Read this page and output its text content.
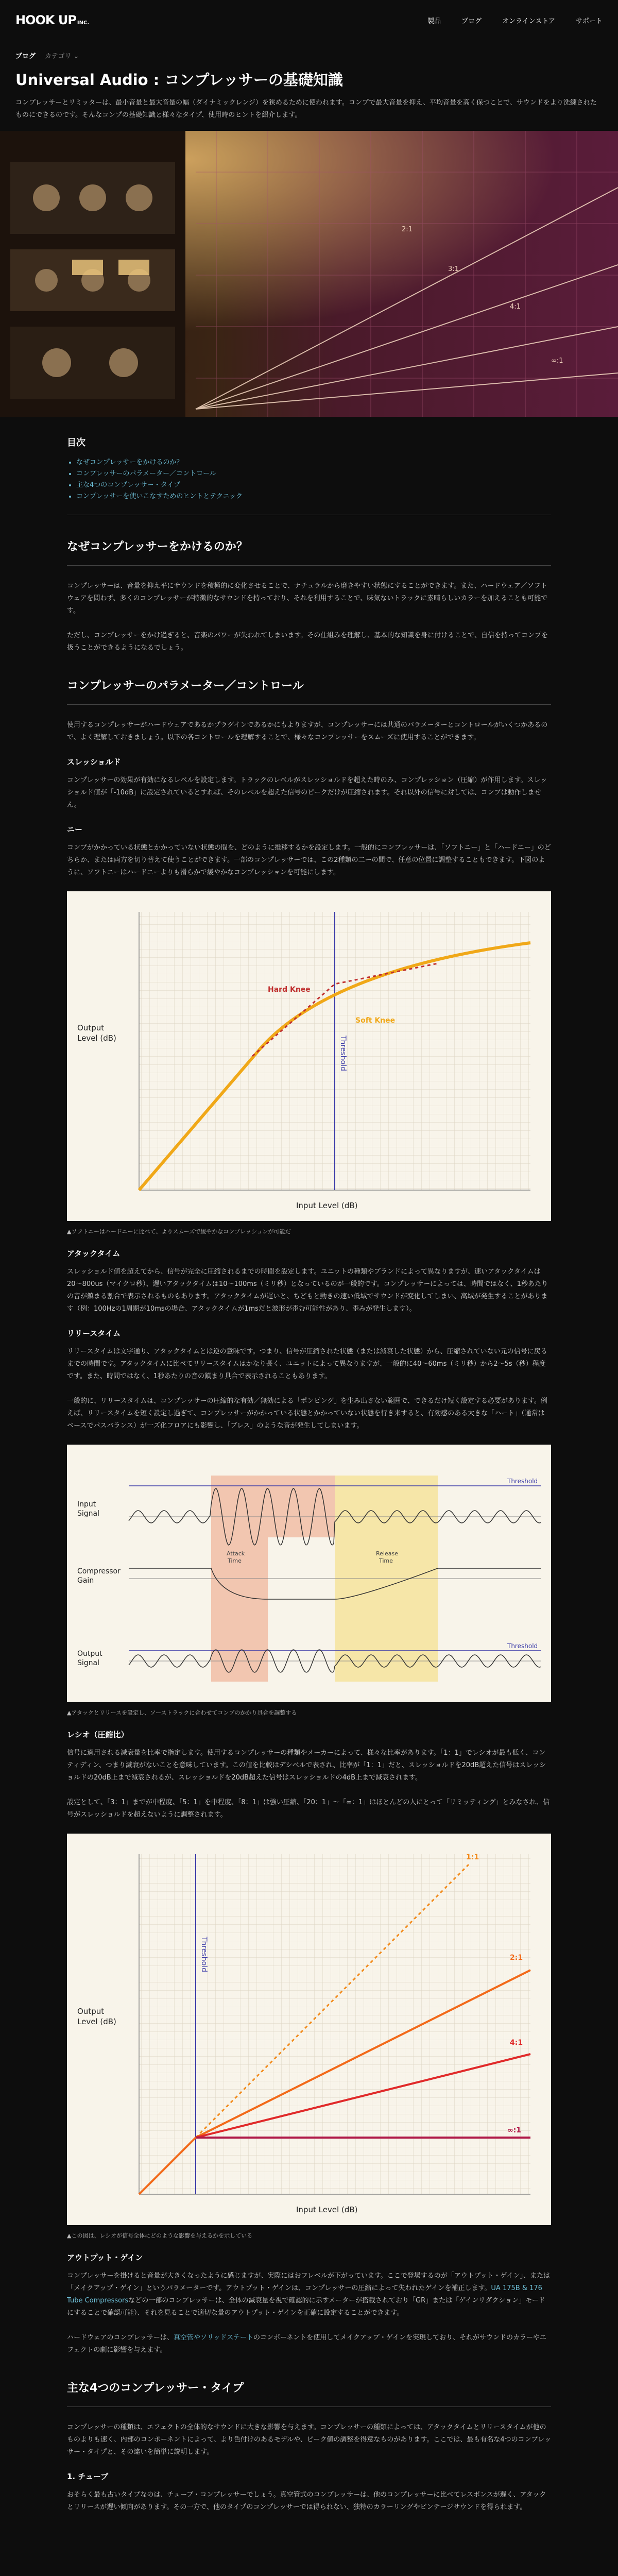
HOOK UP INC.	製品	ブログ	オンラインストア	サポート
ブログ カテゴリ ⌄
Universal Audio : コンプレッサーの基礎知識
コンプレッサーとリミッターは、最小音量と最大音量の幅（ダイナミックレンジ）を狭めるために使われます。コンプで最大音量を抑え、平均音量を高く保つことで、サウンドをより洗練されたものにできるのです。そんなコンプの基礎知識と様々なタイプ、使用時のヒントを紹介します。
2:1
3:1
4:1
∞:1
目次
• なぜコンプレッサーをかけるのか？
• コンプレッサーのパラメーター／コントロール
• 主な4つのコンプレッサー・タイプ
• コンプレッサーを使いこなすためのヒントとテクニック
なぜコンプレッサーをかけるのか？

コンプレッサーは、音量を抑え平にサウンドを積極的に変化させることで、ナチュラルから磨きやすい状態にすることができます。また、ハードウェア／ソフトウェアを問わず、多くのコンプレッサーが特徴的なサウンドを持っており、それを利用することで、味気ないトラックに素晴らしいカラーを加えることも可能です。

ただし、コンプレッサーをかけ過ぎると、音楽のパワーが失われてしまいます。その仕組みを理解し、基本的な知識を身に付けることで、自信を持ってコンプを扱うことができるようになるでしょう。

コンプレッサーのパラメーター／コントロール

使用するコンプレッサーがハードウェアであるかプラグインであるかにもよりますが、コンプレッサーには共通のパラメーターとコントロールがいくつかあるので、よく理解しておきましょう。以下の各コントロールを理解することで、様々なコンプレッサーをスムーズに使用することができます。

スレッショルド

コンプレッサーの効果が有効になるレベルを設定します。トラックのレベルがスレッショルドを超えた時のみ、コンプレッション（圧縮）が作用します。スレッショルド値が「-10dB」に設定されているとすれば、そのレベルを超えた信号のピークだけが圧縮されます。それ以外の信号に対しては、コンプは動作しません。

ニー

コンプがかかっている状態とかかっていない状態の間を、どのように推移するかを設定します。一般的にコンプレッサーは、「ソフトニー」と「ハードニー」のどちらか、または両方を切り替えて使うことができます。一部のコンプレッサーでは、この2種類の二ーの間で、任意の位置に調整することもできます。下図のように、ソフトニーはハードニーよりも滑らかで緩やかなコンプレッションを可能にします。

Threshold
Hard Knee
Soft Knee
Output Level (dB)
Input Level (dB)
▲ソフトニーはハードニーに比べて、よりスムーズで緩やかなコンプレッションが可能だ
アタックタイム

スレッショルド値を超えてから、信号が完全に圧縮されるまでの時間を設定します。ユニットの種類やブランドによって異なりますが、速いアタックタイムは20〜800us（マイクロ秒）、遅いアタックタイムは10〜100ms（ミリ秒）となっているのが一般的です。コンプレッサーによっては、時間ではなく、1秒あたりの音が鎮まる割合で表示されるものもあります。アタックタイムが遅いと、ちどもと動きの速い低域でサウンドが変化してしまい、高域が発生することがあります（例：100Hzの1周期が10msの場合、アタックタイムが1msだと波形が歪む可能性があり、歪みが発生します）。

リリースタイム

リリースタイムは文字通り、アタックタイムとは逆の意味です。つまり、信号が圧縮された状態（または減衰した状態）から、圧縮されていない元の信号に戻るまでの時間です。アタックタイムに比べてリリースタイムはかなり長く、ユニットによって異なりますが、一般的に40〜60ms（ミリ秒）から2〜5s（秒）程度です。また、時間ではなく、1秒あたりの音の鎮まり具合で表示されることもあります。

一般的に、リリースタイムは、コンプレッサーの圧縮的な有効／無効による「ポンピング」を生み出さない範囲で、できるだけ短く設定する必要があります。例えば、リリースタイムを短く設定し過ぎて、コンプレッサーがかかっている状態とかかっていない状態を行き来すると、有効感のある大きな「ハート」（通常はベースでパスバランス）が一ズ化フロアにも影響し、「ブレス」のような音が発生してしまいます。

Threshold
Threshold
Attack Time
Release Time
Input Signal
Compressor Gain
Output Signal
▲アタックとリリースを設定し、ソーストラックに合わせてコンプのかかり具合を調整する
レシオ（圧縮比）

信号に適用される減衰量を比率で指定します。使用するコンプレッサーの種類やメーカーによって、様々な比率があります。「1：1」でレシオが最も低く、コンティディン、つまり減衰がないことを意味しています。この値を比較はデシベルで表され、比率が「1：1」だと、スレッショルドを20dB超えた信号はスレッショルドの20dB上まで減衰されるが、スレッショルドを20dB超えた信号はスレッショルドの4dB上まで減衰されます。

設定として、「3：1」までが中程度、「5：1」を中程度、「8：1」は強い圧縮、「20：1」～「∞：1」はほとんどの人にとって「リミッティング」とみなされ、信号がスレッショルドを超えないように調整されます。

Threshold
1:1
2:1
4:1
∞:1
Output Level (dB)
Input Level (dB)
▲この図は、レシオが信号全体にどのような影響を与えるかを示している
アウトプット・ゲイン

コンプレッサーを掛けると音量が大きくなったように感じますが、実際にはおフレベルが下がっています。ここで登場するのが「アウトプット・ゲイン」、または「メイクアップ・ゲイン」というパラメーターです。アウトプット・ゲインは、コンプレッサーの圧縮によって失われたゲインを補正します。UA 175B & 176 Tube Compressorsなどの一部のコンプレッサーは、全体の減衰量を視で確認的に示すメーターが搭載されており「GR」または「ゲインリダクション」モードにすることで確認可能）、それを見ることで適切な量のアウトプット・ゲインを正確に設定することができます。

ハードウェアのコンプレッサーは、真空管やソリッドステートのコンポーネントを使用してメイクアップ・ゲインを実現しており、それがサウンドのカラーやエフェクトの劇に影響を与えます。

主な4つのコンプレッサー・タイプ

コンプレッサーの種類は、エフェクトの全体的なサウンドに大きな影響を与えます。コンプレッサーの種類によっては、アタックタイムとリリースタイムが他のものよりも速く、内部のコンポーネントによって、より色付けのあるモデルや、ピーク値の調整を得意なものがあります。ここでは、最も有名な4つのコンプレッサー・タイプと、その違いを簡単に説明します。

1. チューブ

おそらく最も古いタイプなのは、チューブ・コンプレッサーでしょう。真空管式のコンプレッサーは、他のコンプレッサーに比べてレスポンスが遅く、アタックとリリースが遅い傾向があります。その一方で、他のタイプのコンプレッサーでは得られない、独特のカラーリングやビンテージサウンドを得られます。
